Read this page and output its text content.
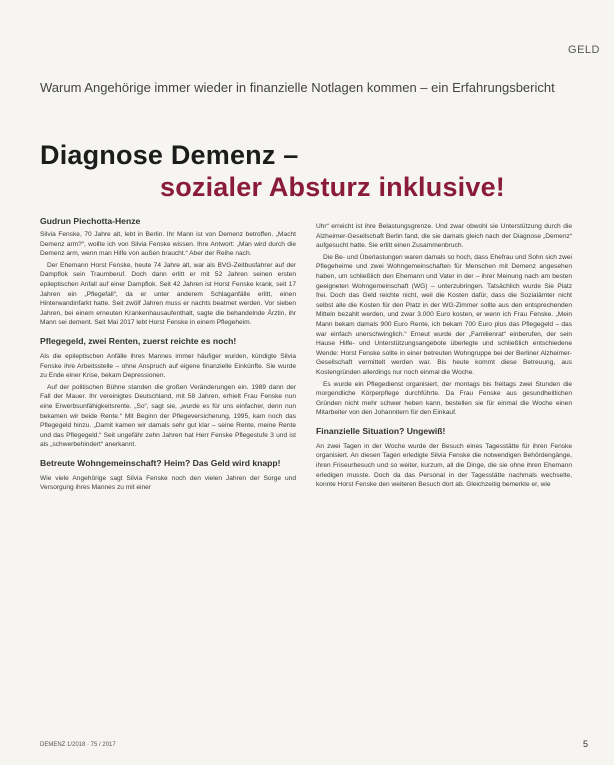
GELD
Warum Angehörige immer wieder in finanzielle Notlagen kommen – ein Erfahrungsbericht
Diagnose Demenz –
sozialer Absturz inklusive!
Gudrun Piechotta-Henze

Silvia Fenske, 70 Jahre alt, lebt in Berlin. Ihr Mann ist von Demenz betroffen. „Macht Demenz arm?“, wollte ich von Silvia Fenske wissen. Ihre Antwort: „Man wird durch die Demenz arm, wenn man Hilfe von außen braucht.“ Aber der Reihe nach.

Der Ehemann Horst Fenske, heute 74 Jahre alt, war als BVG-Zeitbusfahrer auf der Dampflok sein Traumberuf. Doch dann erlitt er mit 52 Jahren seinen ersten epileptischen Anfall auf einer Dampflok. Seit 42 Jahren ist Horst Fenske krank, seit 17 Jahren ein „Pflegefall“, da er unter anderem Schlaganfälle erlitt, einen Hinterwandinfarkt hatte. Seit zwölf Jahren muss er nachts beatmet werden. Vor sieben Jahren, bei einem erneuten Krankenhausaufenthalt, sagte die behandelnde Ärztin, ihr Mann sei dement. Seit Mai 2017 lebt Horst Fenske in einem Pflegeheim.

Pflegegeld, zwei Renten, zuerst reichte es noch!

Als die epileptischen Anfälle ihres Mannes immer häufiger wurden, kündigte Silvia Fenske ihre Arbeitsstelle – ohne Anspruch auf eigene finanzielle Einkünfte. Sie wurde zu Ende einer Krise, bekam Depressionen.

Auf der politischen Bühne standen die großen Veränderungen ein. 1989 dann der Fall der Mauer. Ihr vereinigtes Deutschland, mit 58 Jahren, erhielt Frau Fenske nun eine Erwerbsunfähigkeitsrente. „So“, sagt sie, „wurde es für uns einfacher, denn nun bekamen wir beide Rente.“ Mit Beginn der Pflegeversicherung, 1995, kam noch das Pflegegeld hinzu. „Damit kamen wir damals sehr gut klar – seine Rente, meine Rente und das Pflegegeld.“ Seit ungefähr zehn Jahren hat Herr Fenske Pflegestufe 3 und ist als „schwerbehindert“ anerkannt.

Betreute Wohngemeinschaft? Heim? Das Geld wird knapp!

Wie viele Angehörige sagt Silvia Fenske noch den vielen Jahren der Sorge und Versorgung ihres Mannes zu mit einer

Uhr“ erreicht ist ihre Belastungsgrenze. Und zwar obwohl sie Unterstützung durch die Alzheimer-Gesellschaft Berlin fand, die sie damals gleich nach der Diagnose „Demenz“ aufgesucht hatte. Sie erlitt einen Zusammenbruch.

Die Be- und Überlastungen waren damals so hoch, dass Ehefrau und Sohn sich zwei Pflegeheime und zwei Wohngemeinschaften für Menschen mit Demenz angesehen haben, um schließlich den Ehemann und Vater in der – ihrer Meinung nach am besten geeigneten Wohngemeinschaft (WG) – unterzubringen. Tatsächlich wurde Sie Platz frei. Doch das Geld reichte nicht, weil die Kosten dafür, dass die Sozialämter nicht selbst alle die Kosten für den Platz in der WG-Zimmer sollte aus den entsprechenden Mitteln bezahlt werden, und zwar 3.000 Euro kosten, er wenn ich Frau Fenske. „Mein Mann bekam damals 900 Euro Rente, ich bekam 700 Euro plus das Pflegegeld – das war einfach unerschwinglich.“ Erneut wurde der „Familienrat“ einberufen, der sein Hause Hilfe- und Unterstützungsangebote überlegte und schließlich entschiedene Wende: Horst Fenske sollte in einer betreuten Wohngruppe bei der Berliner Alzheimer-Gesellschaft vermittelt werden war. Bis heute kommt diese Betreuung, aus Kostengründen allerdings nur noch einmal die Woche.

Es wurde ein Pflegedienst organisiert, der montags bis freitags zwei Stunden die morgendliche Körperpflege durchführte. Da Frau Fenske aus gesundheitlichen Gründen nicht mehr schwer heben kann, bestellen sie für einmal die Woche einen Mitarbeiter von den Johannitern für den Einkauf.

Finanzielle Situation? Ungewiß!

An zwei Tagen in der Woche wurde der Besuch eines Tagesstätte für ihren Fenske organisiert. An diesen Tagen erledigte Silvia Fenske die notwendigen Behördengänge, ihren Friseurbesuch und so weiter, kurzum, all die Dinge, die sie ohne ihren Ehemann erledigen musste. Doch da das Personal in der Tagesstätte nachmals wechselte, konnte Horst Fenske den weiteren Besuch dort ab. Gleichzeitig bemerkte er, wie

DEMENZ 1/2018 · 75 / 2017	5
